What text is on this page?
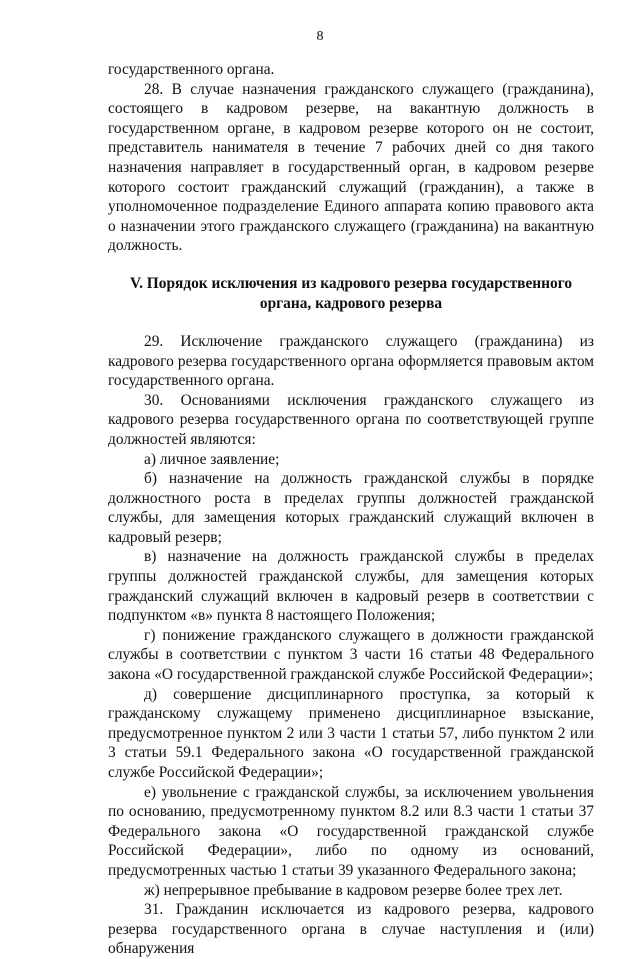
8

государственного органа.

28. В случае назначения гражданского служащего (гражданина), состоящего в кадровом резерве, на вакантную должность в государственном органе, в кадровом резерве которого он не состоит, представитель нанимателя в течение 7 рабочих дней со дня такого назначения направляет в государственный орган, в кадровом резерве которого состоит гражданский служащий (гражданин), а также в уполномоченное подразделение Единого аппарата копию правового акта о назначении этого гражданского служащего (гражданина) на вакантную должность.

V. Порядок исключения из кадрового резерва государственного органа, кадрового резерва

29. Исключение гражданского служащего (гражданина) из кадрового резерва государственного органа оформляется правовым актом государственного органа.

30. Основаниями исключения гражданского служащего из кадрового резерва государственного органа по соответствующей группе должностей являются:

а) личное заявление;

б) назначение на должность гражданской службы в порядке должностного роста в пределах группы должностей гражданской службы, для замещения которых гражданский служащий включен в кадровый резерв;

в) назначение на должность гражданской службы в пределах группы должностей гражданской службы, для замещения которых гражданский служащий включен в кадровый резерв в соответствии с подпунктом «в» пункта 8 настоящего Положения;

г) понижение гражданского служащего в должности гражданской службы в соответствии с пунктом 3 части 16 статьи 48 Федерального закона «О государственной гражданской службе Российской Федерации»;

д) совершение дисциплинарного проступка, за который к гражданскому служащему применено дисциплинарное взыскание, предусмотренное пунктом 2 или 3 части 1 статьи 57, либо пунктом 2 или 3 статьи 59.1 Федерального закона «О государственной гражданской службе Российской Федерации»;

е) увольнение с гражданской службы, за исключением увольнения по основанию, предусмотренному пунктом 8.2 или 8.3 части 1 статьи 37 Федерального закона «О государственной гражданской службе Российской Федерации», либо по одному из оснований, предусмотренных частью 1 статьи 39 указанного Федерального закона;

ж) непрерывное пребывание в кадровом резерве более трех лет.

31. Гражданин исключается из кадрового резерва, кадрового резерва государственного органа в случае наступления и (или) обнаружения
